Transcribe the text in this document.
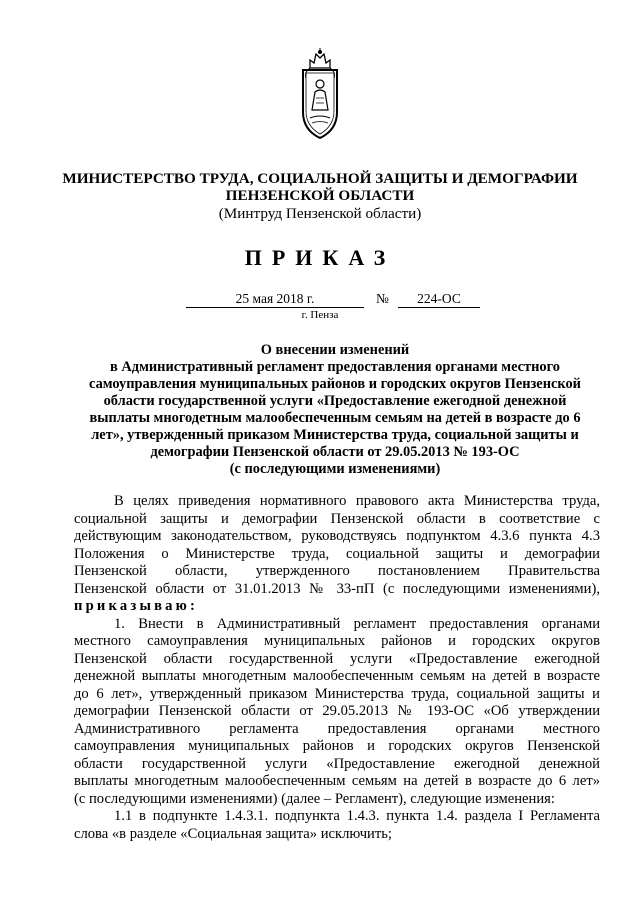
МИНИСТЕРСТВО ТРУДА, СОЦИАЛЬНОЙ ЗАЩИТЫ И ДЕМОГРАФИИ
ПЕНЗЕНСКОЙ ОБЛАСТИ
(Минтруд Пензенской области)
ПРИКАЗ
25 мая 2018 г.	№	224-ОС
г. Пенза
О внесении изменений
в Административный регламент предоставления органами местного
самоуправления муниципальных районов и городских округов Пензенской
области государственной услуги «Предоставление ежегодной денежной
выплаты многодетным малообеспеченным семьям на детей в возрасте до 6
лет», утвержденный приказом Министерства труда, социальной защиты и
демографии Пензенской области от 29.05.2013 № 193-ОС
(с последующими изменениями)
В целях приведения нормативного правового акта Министерства труда,
социальной защиты и демографии Пензенской области в соответствие с
действующим законодательством, руководствуясь подпунктом 4.3.6 пункта 4.3
Положения о Министерстве труда, социальной защиты и демографии
Пензенской области, утвержденного постановлением Правительства
Пензенской области от 31.01.2013 № 33-пП (с последующими изменениями),
приказываю:
1. Внести в Административный регламент предоставления органами
местного самоуправления муниципальных районов и городских округов
Пензенской области государственной услуги «Предоставление ежегодной
денежной выплаты многодетным малообеспеченным семьям на детей в возрасте
до 6 лет», утвержденный приказом Министерства труда, социальной защиты и
демографии Пензенской области от 29.05.2013 № 193-ОС «Об утверждении
Административного регламента предоставления органами местного
самоуправления муниципальных районов и городских округов Пензенской
области государственной услуги «Предоставление ежегодной денежной
выплаты многодетным малообеспеченным семьям на детей в возрасте до 6 лет»
(с последующими изменениями) (далее – Регламент), следующие изменения:
1.1 в подпункте 1.4.3.1. подпункта 1.4.3. пункта 1.4. раздела I Регламента
слова «в разделе «Социальная защита» исключить;
